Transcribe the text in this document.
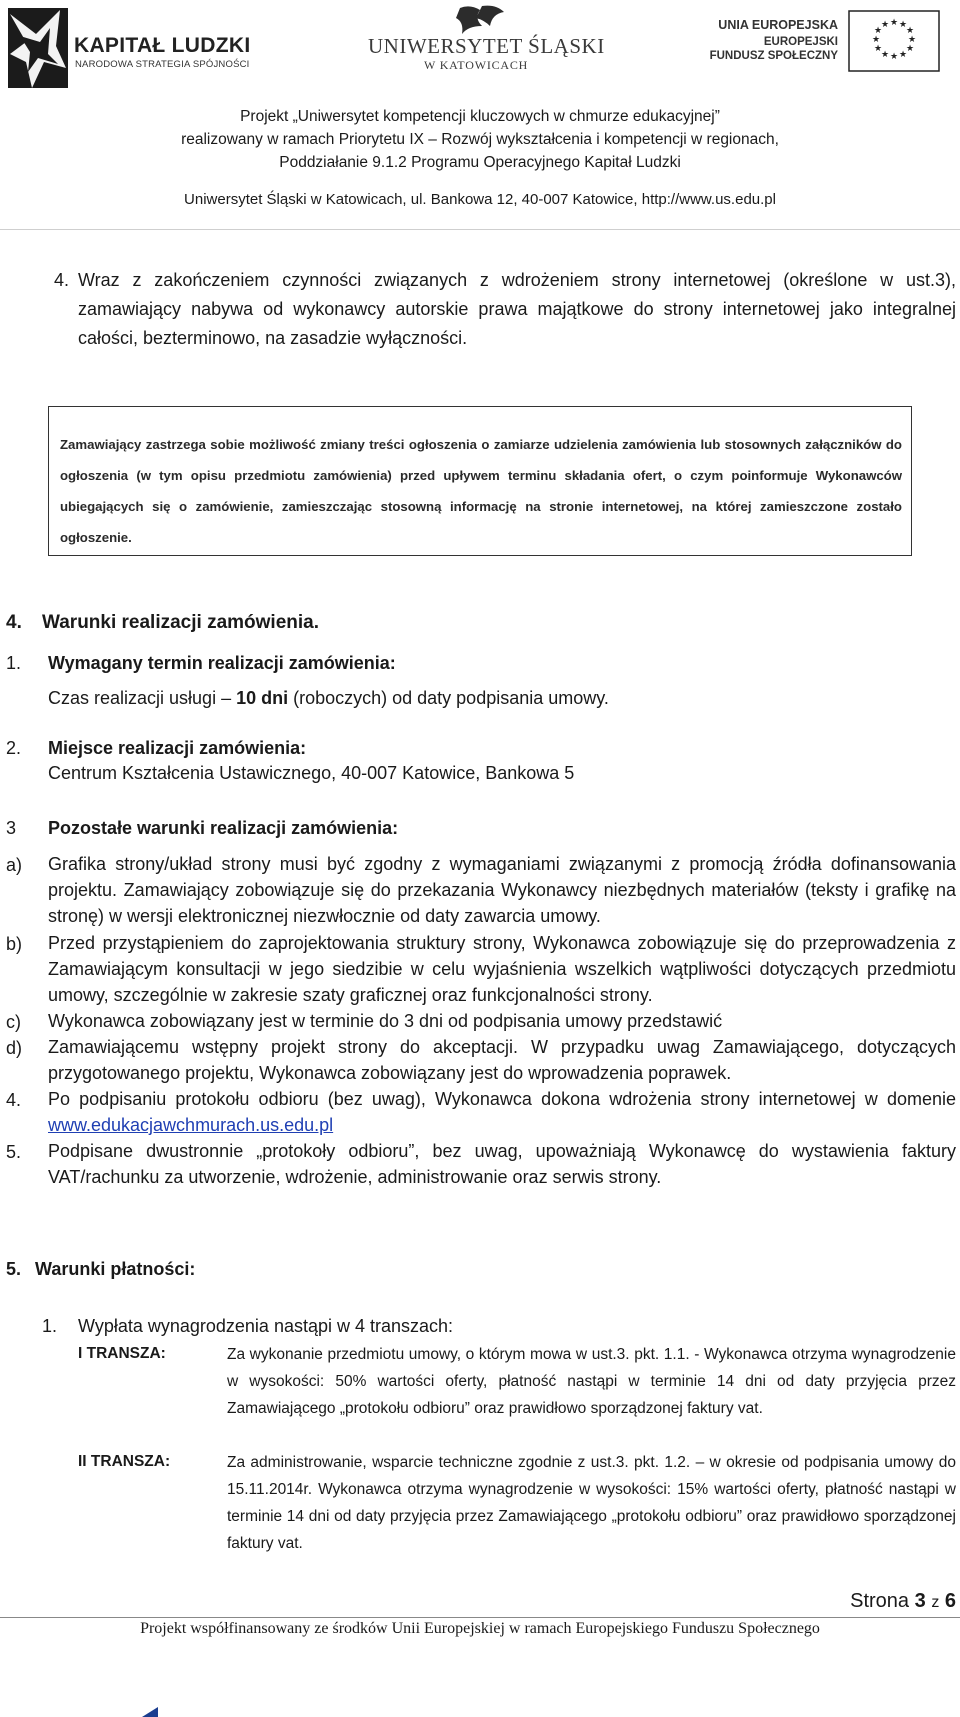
KAPITAŁ LUDZKI
NARODOWA STRATEGIA SPÓJNOŚCI
UNIWERSYTET ŚLĄSKI
W KATOWICACH
UNIA EUROPEJSKA
EUROPEJSKI
FUNDUSZ SPOŁECZNY
★ ★
★
★
★
★
★
★
★
★
★
★
Projekt „Uniwersytet kompetencji kluczowych w chmurze edukacyjnej”
realizowany w ramach Priorytetu IX – Rozwój wykształcenia i kompetencji w regionach,
Poddziałanie 9.1.2 Programu Operacyjnego Kapitał Ludzki
Uniwersytet Śląski w Katowicach, ul. Bankowa 12, 40-007 Katowice, http://www.us.edu.pl
4. Wraz z zakończeniem czynności związanych z wdrożeniem strony internetowej (określone w ust.3), zamawiający nabywa od wykonawcy autorskie prawa majątkowe do strony internetowej jako integralnej całości, bezterminowo, na zasadzie wyłączności.
Zamawiający zastrzega sobie możliwość zmiany treści ogłoszenia o zamiarze udzielenia zamówienia lub stosownych załączników do ogłoszenia (w tym opisu przedmiotu zamówienia) przed upływem terminu składania ofert, o czym poinformuje Wykonawców ubiegających się o zamówienie, zamieszczając stosowną informację na stronie internetowej, na której zamieszczone zostało ogłoszenie.
4. Warunki realizacji zamówienia.
1. Wymagany termin realizacji zamówienia:
Czas realizacji usługi – 10 dni (roboczych) od daty podpisania umowy.
2. Miejsce realizacji zamówienia:
Centrum Kształcenia Ustawicznego, 40-007 Katowice, Bankowa 5
3 Pozostałe warunki realizacji zamówienia:
a) Grafika strony/układ strony musi być zgodny z wymaganiami związanymi z promocją źródła dofinansowania projektu. Zamawiający zobowiązuje się do przekazania Wykonawcy niezbędnych materiałów (teksty i grafikę na stronę) w wersji elektronicznej niezwłocznie od daty zawarcia umowy.
b) Przed przystąpieniem do zaprojektowania struktury strony, Wykonawca zobowiązuje się do przeprowadzenia z Zamawiającym konsultacji w jego siedzibie w celu wyjaśnienia wszelkich wątpliwości dotyczących przedmiotu umowy, szczególnie w zakresie szaty graficznej oraz funkcjonalności strony.
c) Wykonawca zobowiązany jest w terminie do 3 dni od podpisania umowy przedstawić
d) Zamawiającemu wstępny projekt strony do akceptacji. W przypadku uwag Zamawiającego, dotyczących przygotowanego projektu, Wykonawca zobowiązany jest do wprowadzenia poprawek.
4. Po podpisaniu protokołu odbioru (bez uwag), Wykonawca dokona wdrożenia strony internetowej w domenie www.edukacjawchmurach.us.edu.pl
5. Podpisane dwustronnie „protokoły odbioru”, bez uwag, upoważniają Wykonawcę do wystawienia faktury VAT/rachunku za utworzenie, wdrożenie, administrowanie oraz serwis strony.
5. Warunki płatności:
1. Wypłata wynagrodzenia nastąpi w 4 transzach:
I TRANSZA:	Za wykonanie przedmiotu umowy, o którym mowa w ust.3. pkt. 1.1. - Wykonawca otrzyma wynagrodzenie w wysokości: 50% wartości oferty, płatność nastąpi w terminie 14 dni od daty przyjęcia przez Zamawiającego „protokołu odbioru” oraz prawidłowo sporządzonej faktury vat.
II TRANSZA:	Za administrowanie, wsparcie techniczne zgodnie z ust.3. pkt. 1.2. – w okresie od podpisania umowy do 15.11.2014r. Wykonawca otrzyma wynagrodzenie w wysokości: 15% wartości oferty, płatność nastąpi w terminie 14 dni od daty przyjęcia przez Zamawiającego „protokołu odbioru” oraz prawidłowo sporządzonej faktury vat.
Strona 3 z 6
Projekt współfinansowany ze środków Unii Europejskiej w ramach Europejskiego Funduszu Społecznego
